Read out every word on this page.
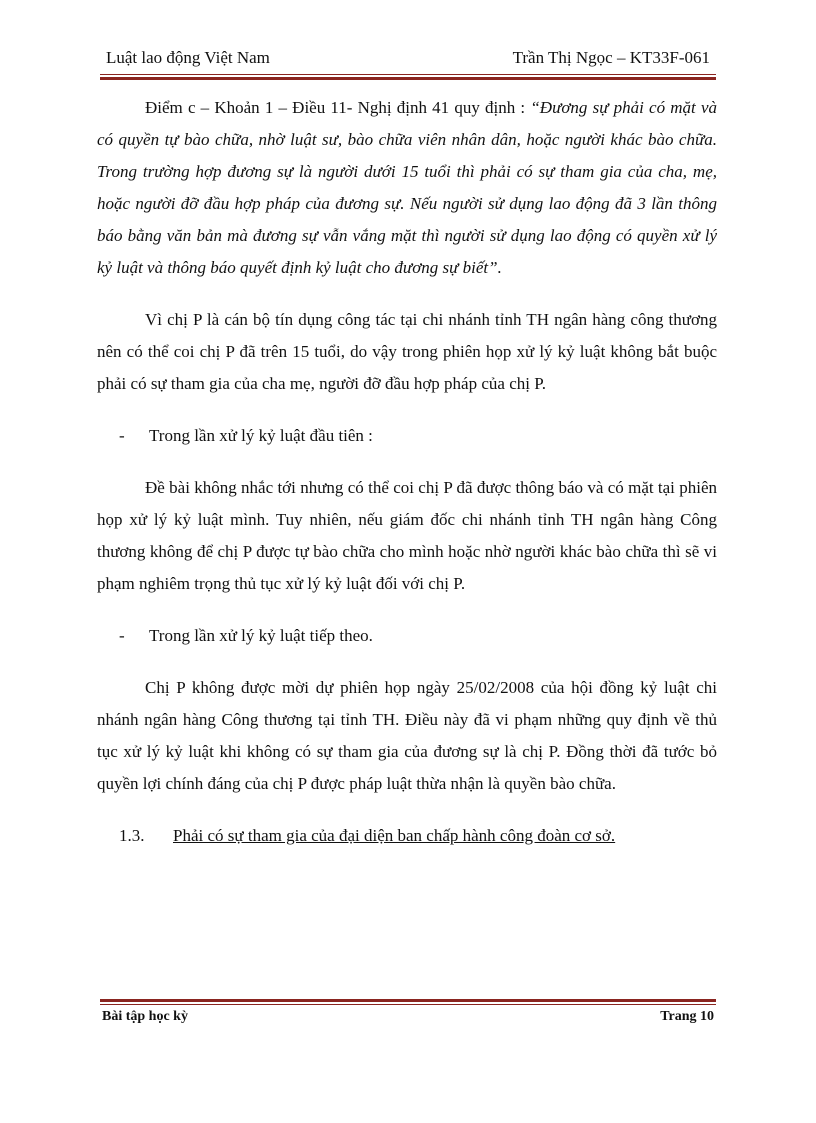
Luật lao động Việt Nam	Trần Thị Ngọc – KT33F-061

Điểm c – Khoản 1 – Điều 11- Nghị định 41 quy định : “Đương sự phải có mặt và có quyền tự bào chữa, nhờ luật sư, bào chữa viên nhân dân, hoặc người khác bào chữa. Trong trường hợp đương sự là người dưới 15 tuổi thì phải có sự tham gia của cha, mẹ, hoặc người đỡ đầu hợp pháp của đương sự. Nếu người sử dụng lao động đã 3 lần thông báo bằng văn bản mà đương sự vẫn vắng mặt thì người sử dụng lao động có quyền xử lý kỷ luật và thông báo quyết định kỷ luật cho đương sự biết”.

Vì chị P là cán bộ tín dụng công tác tại chi nhánh tỉnh TH ngân hàng công thương nên có thể coi chị P đã trên 15 tuổi, do vậy trong phiên họp xử lý kỷ luật không bắt buộc phải có sự tham gia của cha mẹ, người đỡ đầu hợp pháp của chị P.

- Trong lần xử lý kỷ luật đầu tiên :

Đề bài không nhắc tới nhưng có thể coi chị P đã được thông báo và có mặt tại phiên họp xử lý kỷ luật mình. Tuy nhiên, nếu giám đốc chi nhánh tỉnh TH ngân hàng Công thương không để chị P được tự bào chữa cho mình hoặc nhờ người khác bào chữa thì sẽ vi phạm nghiêm trọng thủ tục xử lý kỷ luật đối với chị P.

- Trong lần xử lý kỷ luật tiếp theo.

Chị P không được mời dự phiên họp ngày 25/02/2008 của hội đồng kỷ luật chi nhánh ngân hàng Công thương tại tỉnh TH. Điều này đã vi phạm những quy định về thủ tục xử lý kỷ luật khi không có sự tham gia của đương sự là chị P. Đồng thời đã tước bỏ quyền lợi chính đáng của chị P được pháp luật thừa nhận là quyền bào chữa.

1.3. Phải có sự tham gia của đại diện ban chấp hành công đoàn cơ sở.

Bài tập học kỳ	Trang 10
